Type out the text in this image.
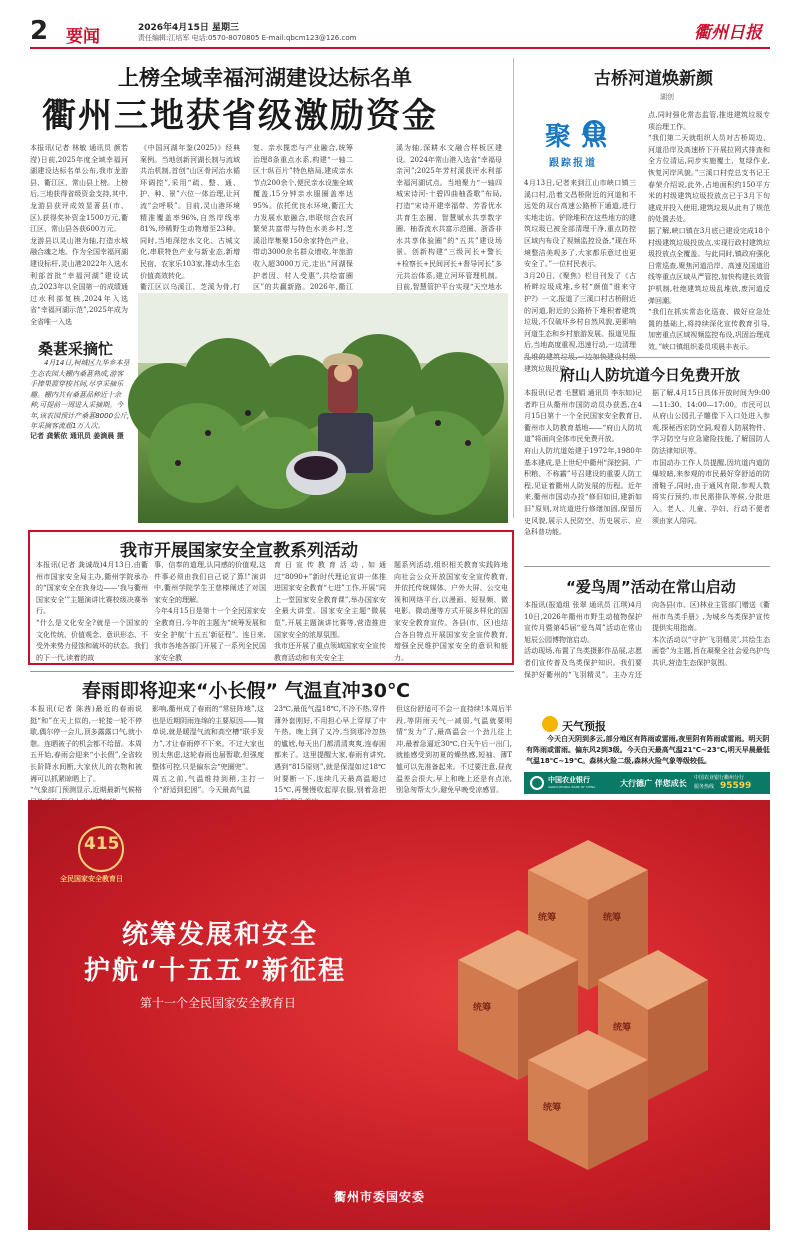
2 要闻	2026年4月15日 星期三
责任编辑:江培军 电话:0570-8070805 E-mail:qbcm123@126.com	衢州日报
上榜全域幸福河湖建设达标名单
衢州三地获省级激励资金
本报讯(记者 林敏 通讯员 颜若滢)日前,2025年度全域幸福河湖建设达标名单公布,我市龙游县、衢江区、常山县上榜。上榜后,三地获得省级资金支持,其中,龙游县获评成效显著县(市、区),获得奖补资金1500万元,衢江区、常山县各获600万元。
龙游县以灵山港为轴,打造水城融合魂之地。作为全国幸福河湖建设标杆,灵山港2022年入选水利部首批“幸福河湖”建设试点,2023年以全国第一的成绩通过水利部复核,2024年入选省“幸福河湖示范”,2025年成为全省唯一入选
《中国河湖年鉴(2025)》经典案例。当地创新河湖长制与流域共治机制,首创“山区骨河治水循环调控”,采用“疏、整、通、护、种、景”六位一体治理,让河流“会呼吸”。目前,灵山港环境精准覆盖率96%,自然岸线率81%,珍稀野生动物增至23种。同时,当地深挖水文化、古城文化,串联特色产业与新业态,新增民宿、农家乐103家,推动水生态价值高效转化。
衢江区以乌溪江、芝溪为骨,打
复、亲水揽恋与产业融合,统筹治理8条重点水系,构建“一轴二区十纵百片”特色格局,建成亲水节点200余个,便民亲水设施全域覆盖,15分钟亲水服圈盖率达95%。依托优良水环境,衢江大力发展水旅融合,串联综合农河繁荣共富带与特色水美乡村,芝溪沿岸集聚150余家特色产业、带动3000余名群众增收,年旅游收入超3000万元,走出“河湖保护者因、村人受惠”,共绘富圈区”的共赢新路。2026年,衢江

溪为轴,深耕水文融合样板区建设。2024年常山港入选省“幸福母亲河”;2025年芳村溪获评水利部幸福河湖试点。当地聚力“一轴四城宋诗河-十碧四曲柚香歌”布局,打造“宋诗开建幸福带、芳香优水共育生态圈、智慧赋水共享数字圈、柚香流水共富示范圈、浙香非水共享体验圈”的“五共”建设场景。创新构建“三级河长+警长+检察长+民间河长+督导河长”多元共治体系,建立河环管理机制。目前,智慧管护平台实现“天空地水
桑葚采摘忙
4月14日,柯城区九华乡本垦生态农园大棚内桑葚熟成,游客手捧果篮穿梭其间,尽享采摘乐趣。棚内共有桑葚品种近十余种,可提前一周进入采摘期。今年,该农园预计产桑葚8000公斤,年采摘客流超1万人次。
记者 龚紫依 通讯员 姜滴晨 摄
古桥河道焕新颜
湖创
聚焦
跟踪报道
4月13日,记者来到江山市峡口镇三溪口村,沿着文昌桥附近的河道和不远处的双台高速公路桥下通道,进行实地走访。铲除堆积在这些地方的建筑垃圾已被全部清理干净,重点防控区域内布设了视频监控设备,“现在环境整洁美观多了,大家都乐意过也更安全了。”一位村民表示。
3月20日,《聚焦》栏目刊发了《古桥畔垃圾成堆,乡村“颜值”谁来守护?》一文,报道了三溪口村古桥附近的河道,附近的公路桥下堆积着建筑垃圾,不仅破坏乡村自然风貌,更影响河道生态和乡村旅游发展。报道见报后,当地高度重视,迅速行动,一边清理 建筑垃圾投放
点,同时强化常态监管,推进建筑垃圾专项治理工作。
“我们第二天就组织人员对古桥周边、河道沿岸及高速桥下开展拉网式排查和全方位清运,同步实施覆土、复绿作业,恢复河岸风貌。”三溪口村党总支书记王春荣介绍说,此外,占地面积约150平方米的村级建筑垃圾投放点已于3月下旬建成并投入使用,建筑垃圾从此有了规范的处置去处。
据了解,峡口镇在3月底已建设完成18个村级建筑垃圾投放点,实现行政村建筑垃圾投放点全覆盖。与此同时,镇政府强化日常巡查,聚焦河道沿岸、高速及国道沿线等重点区域从严管控,加快构建长效管护机制,杜绝建筑垃圾乱堆放,废河道反弹回潮。
“我们在抓实常态化巡查、做好应急处置的基础上,将持续深化宣传教育引导,加密重点区域视频监控布设,巩固治理成效。”峡口镇组织委员项晨丰表示。
府山人防坑道今日免费开放
本报讯(记者 毛慧娟 通讯员 李东如)记者昨日从衢州市国防动员办获悉,在4月15日第十一个全民国家安全教育日,衢州市人防教育基地——“府山人防坑道”将面向全体市民免费开放。
府山人防坑道始建于1972年,1980年基本建成,是上世纪中衢州“深挖洞、广积粮、不称霸”号召建设的重要人防工程,见证着衢州人防发展的历程。近年来,衢州市国动办投“修旧如旧,建新如旧”原则,对坑道进行修缮加固,保留历史风貌,展示人民防空、历史展示、应急科普功能。
据了解,4月15日具体开放时间为9:00—11:30、14:00—17:00。市民可以从府山公园孔子雕像下入口处进入参观,探秘西宏防空洞,观看人防展物件、学习防空与应急避险技能,了解国防人防法律知识等。
市国动办工作人员提醒,因坑道内道防爆较暗,来参观的市民最好穿舒适的防滑鞋子,同时,由于通风有限,参观人数将实行预约,市民需排队等候,分批进入。老人、儿童、孕妇、行动不便者须由家人陪同。
我市开展国家安全宣教系列活动
本报讯(记者 龚诚哉)4月13日,由衢州市国家安全局主办,衢州学院承办的“国家安全在我身边——‘我与衢州国家安全’”主题演讲比赛校级决赛举行。
“什么是文化安全?就是一个国家的文化传统、价值观念、意识形态、不受外来势力侵蚀和破坏的状态。我们的下一代,读着的故
事、信奉的道理,认同感的价值观,这件事必须由我们自己说了算!”演讲中,衢州学院学生王慈榛阐述了对国家安全的理解。
今年4月15日是第十一个全民国家安全教育日,今年的主题为“统筹发展和安全 护航‘十五五’新征程”。连日来,我市各地各部门开展了一系列全民国家安全教
育日宣传教育活动,如通过“8090+”新时代理论宣讲一体推进国家安全教育“七进”工作,开展“同上一堂国家安全教育课”,举办国家安全最大讲堂、国家安全主题“微展览”,开展主题演讲比赛等,营造推进国家安全的浓厚氛围。
我市还开展了重点领域国家安全宣传教育活动和有关安全主
题系列活动,组织相关教育实践阵地向社会公众开放国家安全宣传教育,并依托传统媒体、户外大屏、公交电视和网络平台,以漫画、短视频、微电影、微动漫等方式开展多样化的国家安全教育宣传。各县(市、区)也结合各自特点开展国家安全宣传教育,增强全民维护国家安全的意识和能力。
“爱鸟周”活动在常山启动
本报讯(报道组 张翠 通讯员 江琪)4月10日,2026年衢州市野生动植物保护宣传月暨第45届“爱鸟周”活动在常山旭辰公园博物馆启动。
活动现场,布置了鸟类摄影作品展,志愿者们宣传普及鸟类保护知识。我们要保护好衢州的“飞羽精灵”。主办方还向各县(市、区)林业主管部门赠送《衢州市鸟类手册》,为城乡鸟类保护宣传提供实用指南。
本次活动以“守护‘飞羽精灵’,共绘生态画卷”为主题,旨在凝聚全社会爱鸟护鸟共识,营造生态保护氛围。
天气预报
今天白天阴到多云,部分地区有阵雨或雷雨,夜里阴有阵雨或雷雨。明天阴有阵雨或雷雨。偏东风2到3级。今天白天最高气温21℃~23℃,明天早晨最低气温18℃~19℃。森林火险二级,森林火险气象等级较低。
中国农业银行
AGRICULTURAL BANK OF CHINA	大行德广 伴您成长
中国农业银行衢州分行
服务热线 95599
春雨即将迎来“小长假” 气温直冲30℃
本报讯(记者 陈茜)最近的春雨说挺“和”在天上似的,一轮接一轮不停歇,偶尔停一会儿,顶多露露口气,就小憩。连晒被子的机会都不给留。本周五开始,春雨会迎来“小长假”,全省较长阶降水间断,大家伙儿的衣物和被褥可以抓紧晾晒上了。
“气象部门预测显示,近期最新气候格
影响,衢州成了春雨的“常驻阵地”,这也是近期阴雨连绵的主要原因——简单说,就是暖湿气流和高空槽“联手发力”,才让春雨停不下来。不过大家也别太焦虑,这轮春雨也届暂歇,但强度整体可控,只是偏东会“兜圈兜”。
周五之前,气温维持到稍,主打一个“舒适到犯困”。今天最高气温
23℃,最低气温18℃,不冷不热,穿件薄外套刚好,不用担心早上穿厚了中午热。晚上到了又冷,当到那冷忽热的尴尬,每天出门都清清爽爽,连春困都来了。这里提醒大家,春雨有讲究,遇到“815原则”,就是保湿如过18℃时要断一下,连续几天最高温超过15℃,再慢慢收起厚衣服,别着急把
但这份舒适可不会一直持续!本周后半段,等阴雨天气一减弱,气温就要明情“发力”了,最高温会一个劲儿往上冲,最着急逼近30℃,白天午后一出门,就能感受到初夏的燥热感,短袖、薄T恤可以先准备起来。不过要注意,昼夜温差会很大,早上和晚上还是有点凉,别急匆帮太少,避免早晚受凉感冒。
415
全民国家安全教育日
统筹发展和安全
护航“十五五”新征程
第十一个全民国家安全教育日
统筹	统筹
统筹
统筹
统筹
衢州市委国安委
